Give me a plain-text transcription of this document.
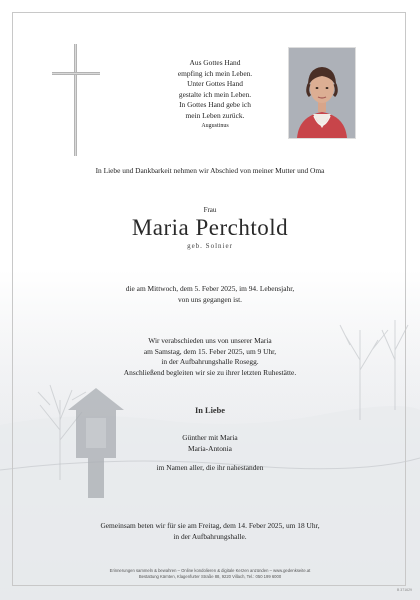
Aus Gottes Hand
empfing ich mein Leben.
Unter Gottes Hand
gestalte ich mein Leben.
In Gottes Hand gebe ich
mein Leben zurück.
Augustinus
In Liebe und Dankbarkeit nehmen wir Abschied von meiner Mutter und Oma
Frau
Maria Perchtold
geb. Solnier
die am Mittwoch, dem 5. Feber 2025, im 94. Lebensjahr,
von uns gegangen ist.
Wir verabschieden uns von unserer Maria
am Samstag, dem 15. Feber 2025, um 9 Uhr,
in der Aufbahrungshalle Rosegg.
Anschließend begleiten wir sie zu ihrer letzten Ruhestätte.
In Liebe
Günther mit Maria
Maria-Antonia
im Namen aller, die ihr nahestanden
Gemeinsam beten wir für sie am Freitag, dem 14. Feber 2025, um 18 Uhr,
in der Aufbahrungshalle.
Erinnerungen sammeln & bewahren – Online kondolieren & digitale Kerzen anzünden – www.gedenkseite.at
Bestattung Kärnten, Klagenfurter Straße 88, 9220 Villach, Tel.: 050 199 6000
B 371629
